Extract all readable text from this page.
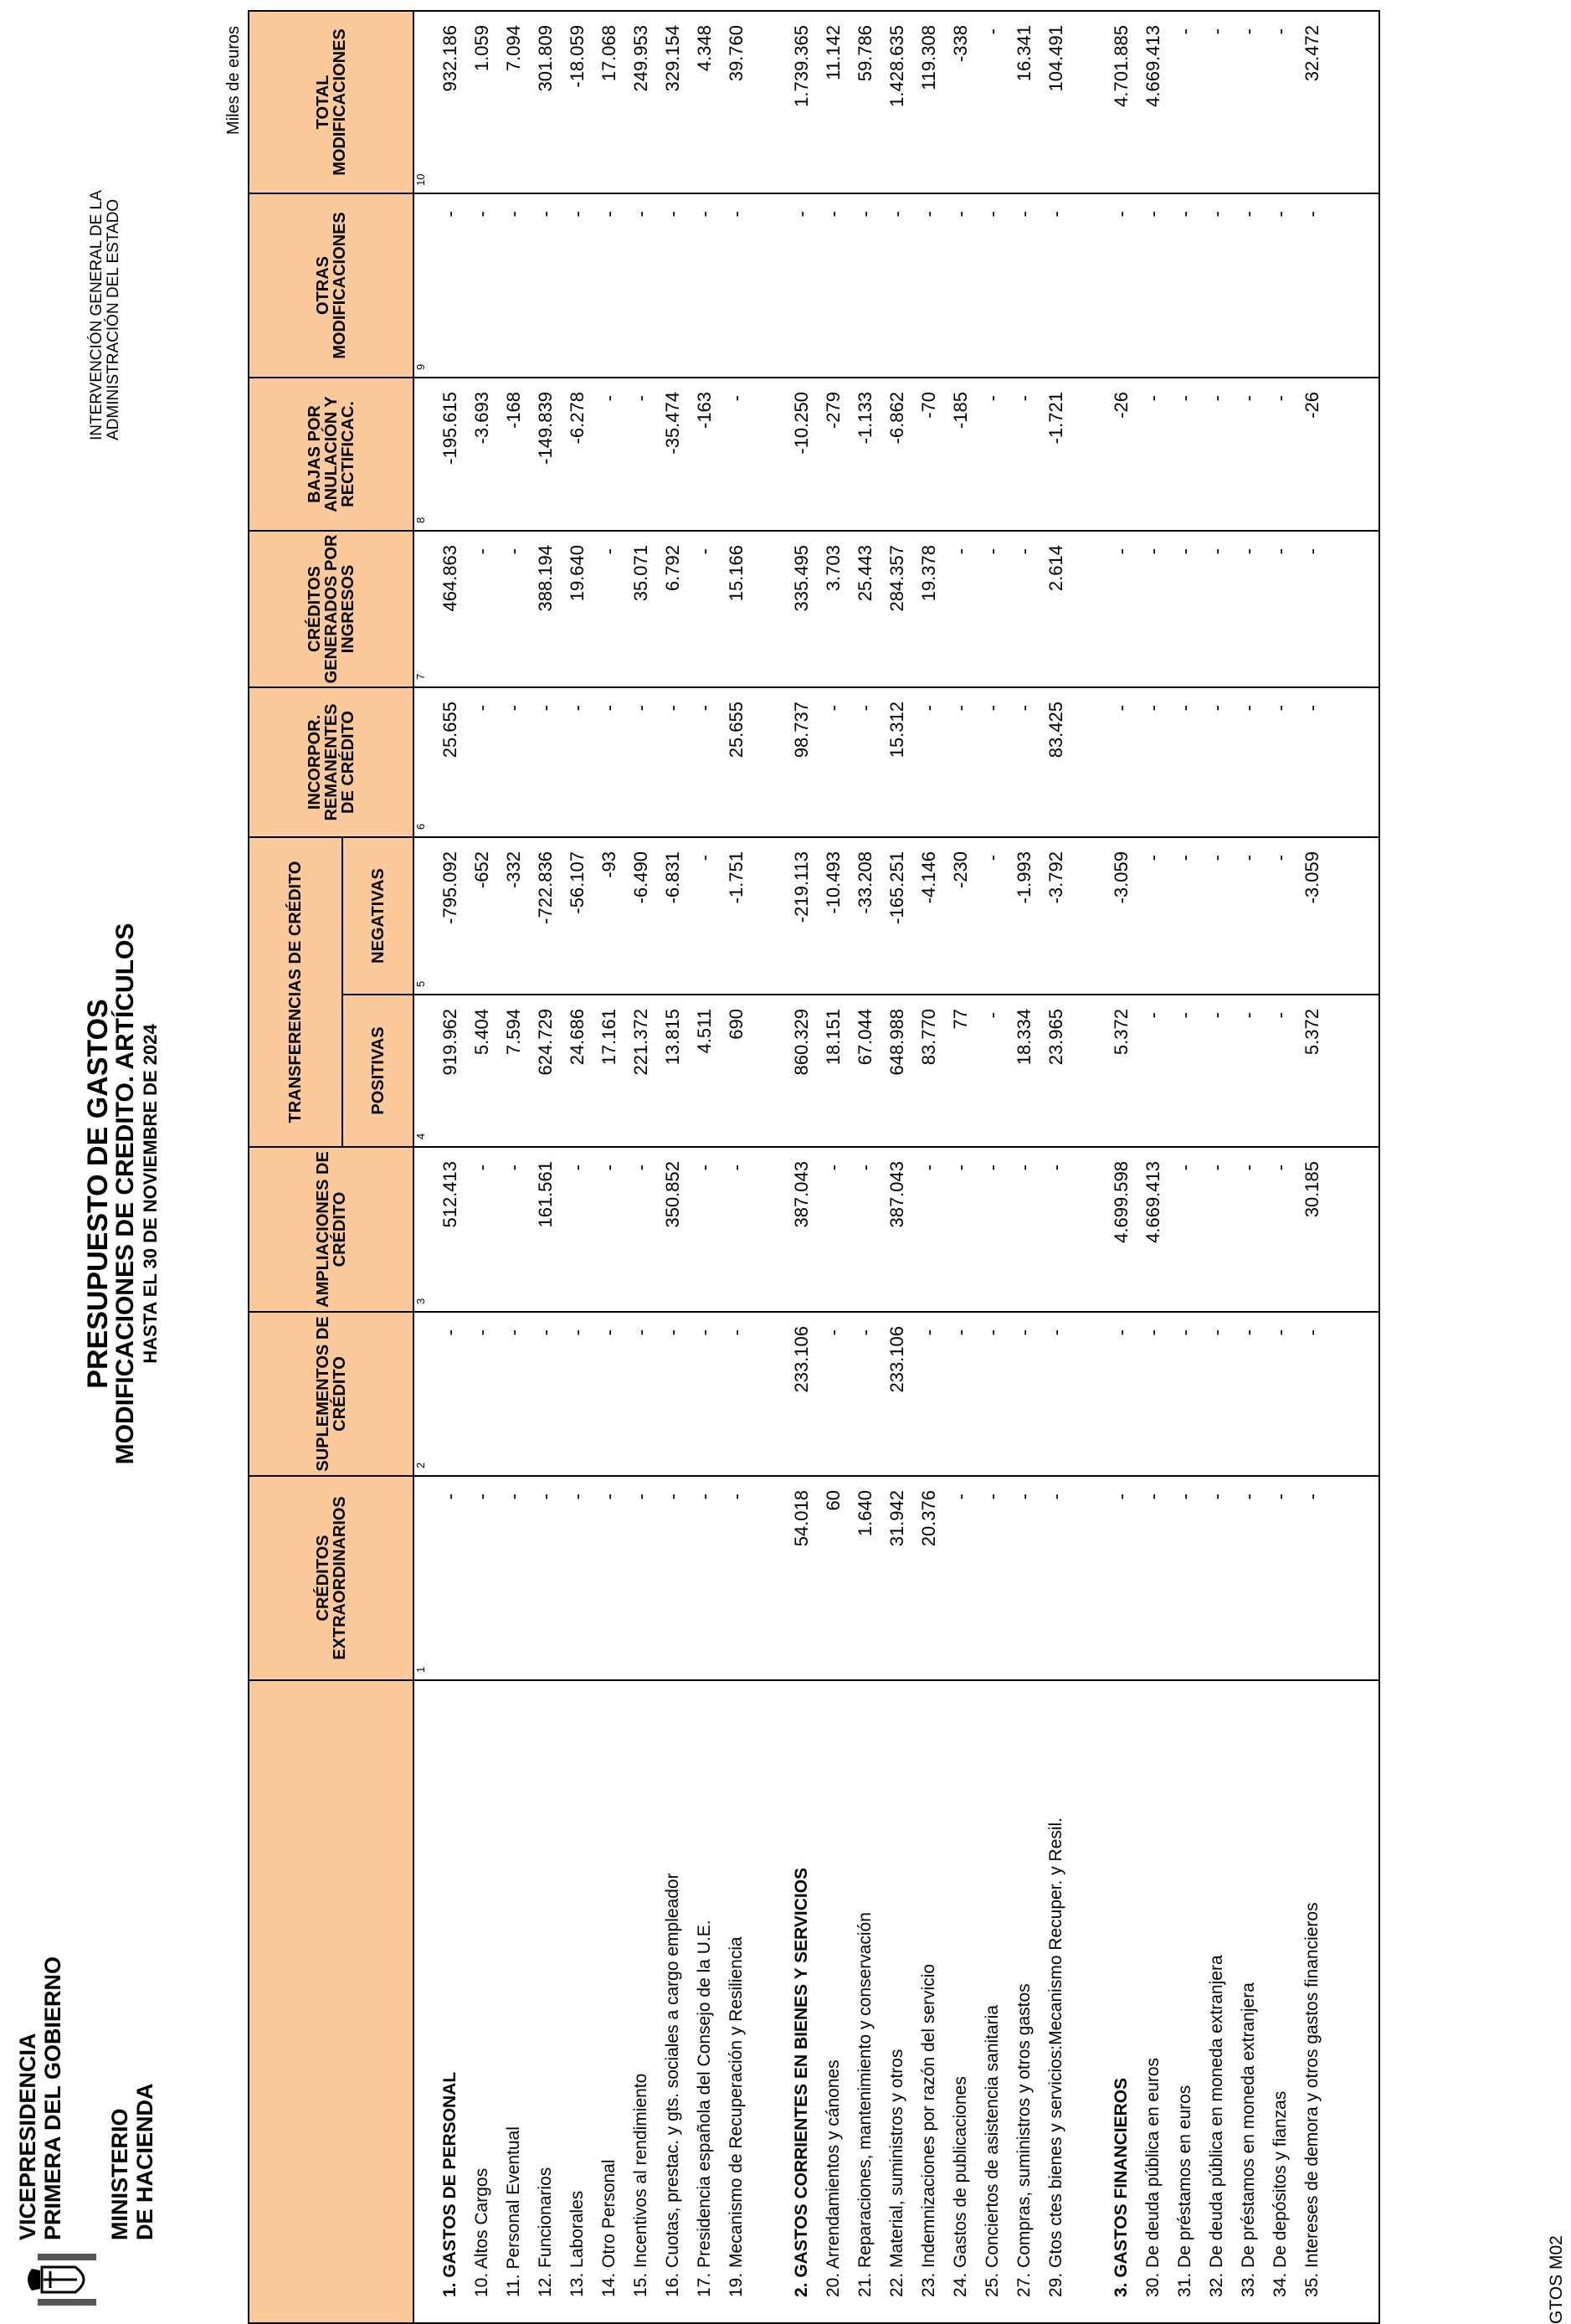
VICEPRESIDENCIA PRIMERA DEL GOBIERNO MINISTERIO DE HACIENDA
PRESUPUESTO DE GASTOS
MODIFICACIONES DE CREDITO. ARTÍCULOS HASTA EL 30 DE NOVIEMBRE DE 2024
INTERVENCIÓN GENERAL DE LA ADMINISTRACIÓN DEL ESTADO
Miles de euros
	CRÉDITOS EXTRAORDINARIOS	SUPLEMENTOS DE CRÉDITO	AMPLIACIONES DE CRÉDITO	TRANSFERENCIAS DE CRÉDITO		INCORPOR. REMANENTES DE CRÉDITO	CRÉDITOS GENERADOS POR INGRESOS	BAJAS POR ANULACIÓN Y RECTIFICAC.	OTRAS MODIFICACIONES	TOTAL MODIFICACIONES
				POSITIVAS	NEGATIVAS					
	1	2	3	4	5	6	7	8	9	10
1. GASTOS DE PERSONAL	-	-	512.413	919.962	-795.092	25.655	464.863	-195.615	-	932.186
10. Altos Cargos	-	-	-	5.404	-652	-	-	-3.693	-	1.059
11. Personal Eventual	-	-	-	7.594	-332	-	-	-168	-	7.094
12. Funcionarios	-	-	161.561	624.729	-722.836	-	388.194	-149.839	-	301.809
13. Laborales	-	-	-	24.686	-56.107	-	19.640	-6.278	-	-18.059
14. Otro Personal	-	-	-	17.161	-93	-	-	-	-	17.068
15. Incentivos al rendimiento	-	-	-	221.372	-6.490	-	35.071	-	-	249.953
16. Cuotas, prestac. y gts. sociales a cargo empleador	-	-	350.852	13.815	-6.831	-	6.792	-35.474	-	329.154
17. Presidencia española del Consejo de la U.E.	-	-	-	4.511	-	-	-	-163	-	4.348
19. Mecanismo de Recuperación y Resiliencia	-	-	-	690	-1.751	25.655	15.166	-	-	39.760

2. GASTOS CORRIENTES EN BIENES Y SERVICIOS	54.018	233.106	387.043	860.329	-219.113	98.737	335.495	-10.250	-	1.739.365
20. Arrendamientos y cánones	60	-	-	18.151	-10.493	-	3.703	-279	-	11.142
21. Reparaciones, mantenimiento y conservación	1.640	-	-	67.044	-33.208	-	25.443	-1.133	-	59.786
22. Material, suministros y otros	31.942	233.106	387.043	648.988	-165.251	15.312	284.357	-6.862	-	1.428.635
23. Indemnizaciones por razón del servicio	20.376	-	-	83.770	-4.146	-	19.378	-70	-	119.308
24. Gastos de publicaciones	-	-	-	77	-230	-	-	-185	-	-338
25. Conciertos de asistencia sanitaria	-	-	-	-	-	-	-	-	-	-
27. Compras, suministros y otros gastos	-	-	-	18.334	-1.993	-	-	-	-	16.341
29. Gtos ctes bienes y servicios:Mecanismo Recuper. y Resil.	-	-	-	23.965	-3.792	83.425	2.614	-1.721	-	104.491

3. GASTOS FINANCIEROS	-	-	4.699.598	5.372	-3.059	-	-	-26	-	4.701.885
30. De deuda pública en euros	-	-	4.669.413	-	-	-	-	-	-	4.669.413
31. De préstamos en euros	-	-	-	-	-	-	-	-	-	-
32. De deuda pública en moneda extranjera	-	-	-	-	-	-	-	-	-	-
33. De préstamos en moneda extranjera	-	-	-	-	-	-	-	-	-	-
34. De depósitos y fianzas	-	-	-	-	-	-	-	-	-	-
35. Intereses de demora y otros gastos financieros	-	-	30.185	5.372	-3.059	-	-	-26	-	32.472

GTOS M02
